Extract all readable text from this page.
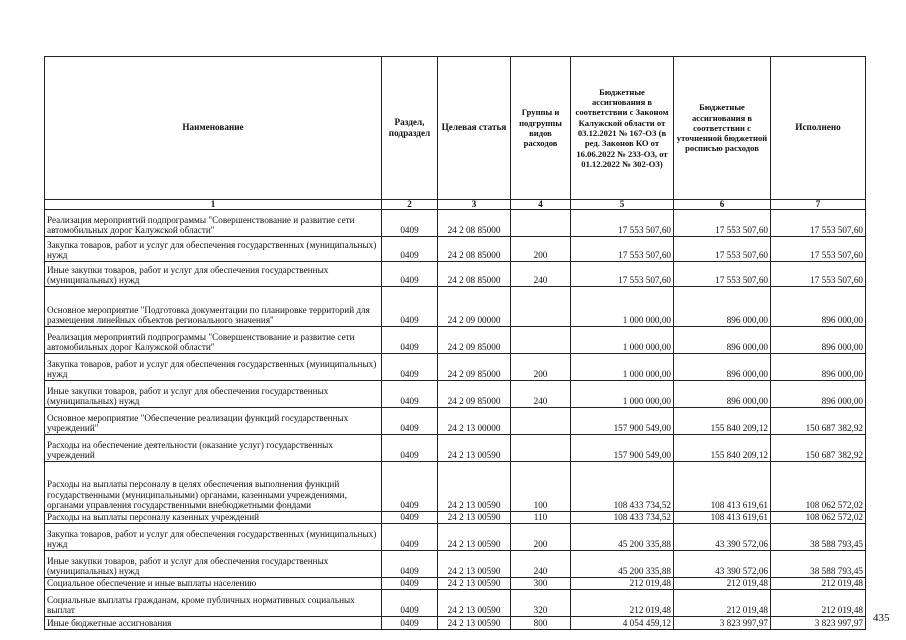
Наименование	Раздел, подраздел	Целевая статья	Группы и подгруппы видов расходов	Бюджетные ассигнования в соответствии с Законом Калужской области от 03.12.2021 № 167-ОЗ (в ред. Законов КО от 16.06.2022 № 233-ОЗ, от 01.12.2022 № 302-ОЗ)	Бюджетные ассигнования в соответствии с уточненной бюджетной росписью расходов	Исполнено
1	2	3	4	5	6	7
Реализация мероприятий подпрограммы "Совершенствование и развитие сети автомобильных дорог Калужской области"	0409	24 2 08 85000		17 553 507,60	17 553 507,60	17 553 507,60
Закупка товаров, работ и услуг для обеспечения государственных (муниципальных) нужд	0409	24 2 08 85000	200	17 553 507,60	17 553 507,60	17 553 507,60
Иные закупки товаров, работ и услуг для обеспечения государственных (муниципальных) нужд	0409	24 2 08 85000	240	17 553 507,60	17 553 507,60	17 553 507,60
Основное мероприятие "Подготовка документации по планировке территорий для размещения линейных объектов регионального значения"	0409	24 2 09 00000		1 000 000,00	896 000,00	896 000,00
Реализация мероприятий подпрограммы "Совершенствование и развитие сети автомобильных дорог Калужской области"	0409	24 2 09 85000		1 000 000,00	896 000,00	896 000,00
Закупка товаров, работ и услуг для обеспечения государственных (муниципальных) нужд	0409	24 2 09 85000	200	1 000 000,00	896 000,00	896 000,00
Иные закупки товаров, работ и услуг для обеспечения государственных (муниципальных) нужд	0409	24 2 09 85000	240	1 000 000,00	896 000,00	896 000,00
Основное мероприятие "Обеспечение реализации функций государственных учреждений"	0409	24 2 13 00000		157 900 549,00	155 840 209,12	150 687 382,92
Расходы на обеспечение деятельности (оказание услуг) государственных учреждений	0409	24 2 13 00590		157 900 549,00	155 840 209,12	150 687 382,92
Расходы на выплаты персоналу в целях обеспечения выполнения функций государственными (муниципальными) органами, казенными учреждениями, органами управления государственными внебюджетными фондами	0409	24 2 13 00590	100	108 433 734,52	108 413 619,61	108 062 572,02
Расходы на выплаты персоналу казенных учреждений	0409	24 2 13 00590	110	108 433 734,52	108 413 619,61	108 062 572,02
Закупка товаров, работ и услуг для обеспечения государственных (муниципальных) нужд	0409	24 2 13 00590	200	45 200 335,88	43 390 572,06	38 588 793,45
Иные закупки товаров, работ и услуг для обеспечения государственных (муниципальных) нужд	0409	24 2 13 00590	240	45 200 335,88	43 390 572,06	38 588 793,45
Социальное обеспечение и иные выплаты населению	0409	24 2 13 00590	300	212 019,48	212 019,48	212 019,48
Социальные выплаты гражданам, кроме публичных нормативных социальных выплат	0409	24 2 13 00590	320	212 019,48	212 019,48	212 019,48
Иные бюджетные ассигнования	0409	24 2 13 00590	800	4 054 459,12	3 823 997,97	3 823 997,97 435
